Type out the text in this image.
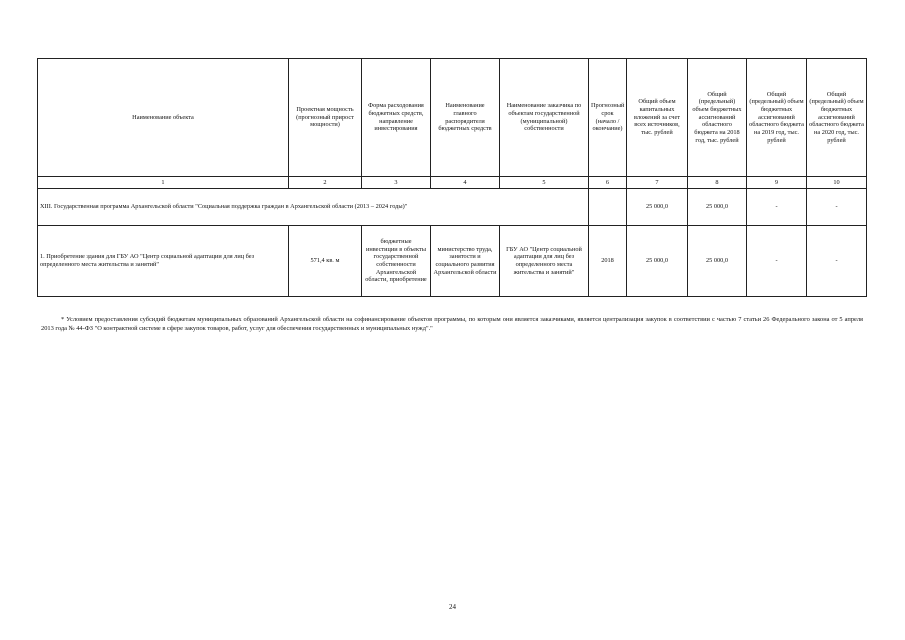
Наименование объекта	Проектная мощность (прогнозный прирост мощности)	Форма расходования бюджетных средств, направление инвестирования	Наименование главного распорядителя бюджетных средств	Наименование заказчика по объектам государственной (муниципальной) собственности	Прогнозный срок (начало / окончание)	Общий объем капитальных вложений за счет всех источников, тыс. рублей	Общий (предельный) объем бюджетных ассигнований областного бюджета на 2018 год, тыс. рублей	Общий (предельный) объем бюджетных ассигнований областного бюджета на 2019 год, тыс. рублей	Общий (предельный) объем бюджетных ассигнований областного бюджета на 2020 год, тыс. рублей
1	2	3	4	5	6	7	8	9	10
XIII. Государственная программа Архангельской области "Социальная поддержка граждан в Архангельской области (2013 – 2024 годы)"						25 000,0	25 000,0	-	-
1. Приобретение здания для ГБУ АО "Центр социальной адаптации для лиц без определенного места жительства и занятий"	571,4 кв. м	бюджетные инвестиции в объекты государственной собственности Архангельской области, приобретение	министерство труда, занятости и социального развития Архангельской области	ГБУ АО "Центр социальной адаптации для лиц без определенного места жительства и занятий"	2018	25 000,0	25 000,0	-	-
* Условием предоставления субсидий бюджетам муниципальных образований Архангельской области на софинансирование объектов программы, по которым они является заказчиками, является централизация закупок в соответствии с частью 7 статьи 26 Федерального закона от 5 апреля 2013 года № 44-ФЗ "О контрактной системе в сфере закупок товаров, работ, услуг для обеспечения государственных и муниципальных нужд"."
24
